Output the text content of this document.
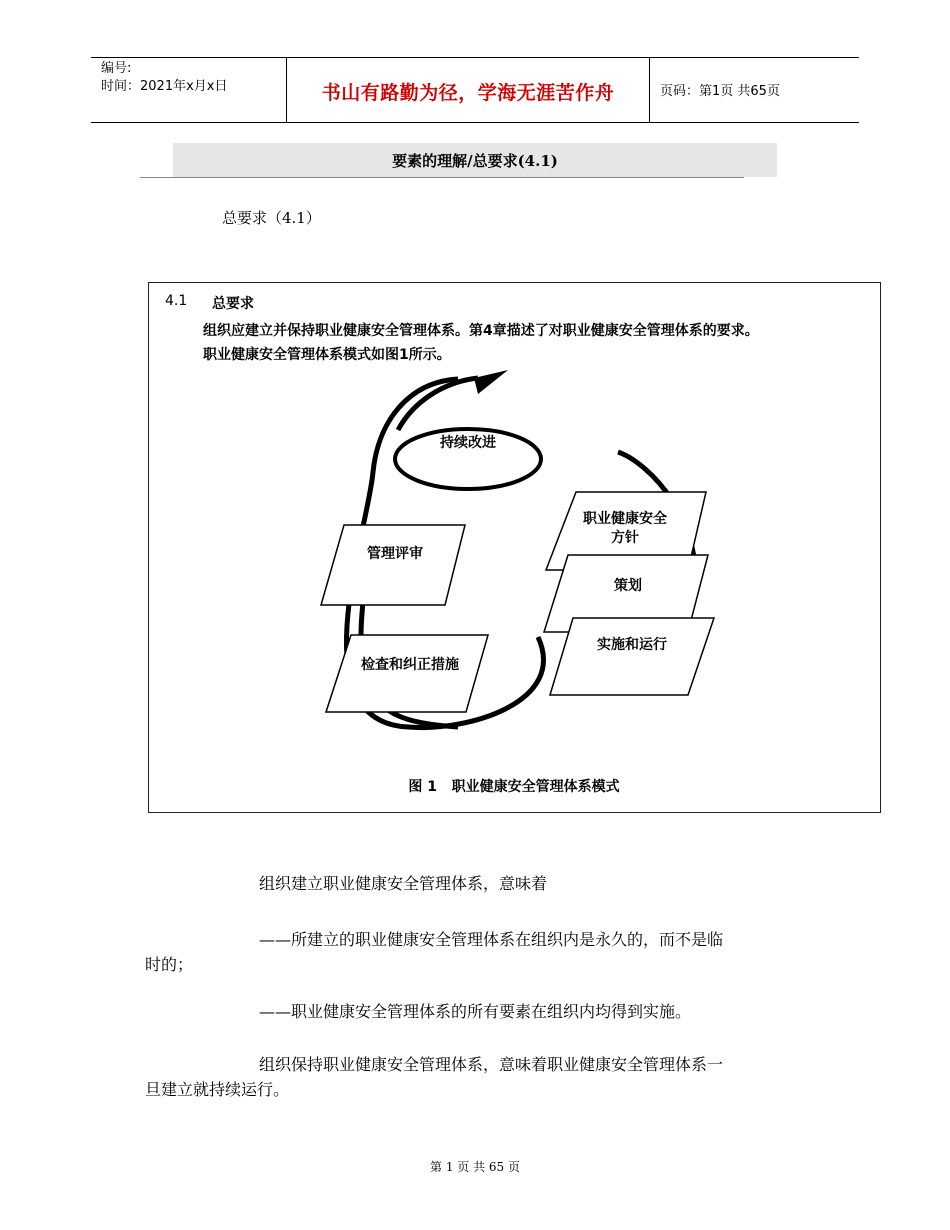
编号:
时间：2021年x月x日	书山有路勤为径，学海无涯苦作舟	页码：第1页 共65页
要素的理解/总要求(4.1)
总要求（4.1）
4.1 总要求
组织应建立并保持职业健康安全管理体系。第4章描述了对职业健康安全管理体系的要求。
职业健康安全管理体系模式如图1所示。
持续改进
职业健康安全
方针
策划
实施和运行
管理评审
检查和纠正措施
图 1   职业健康安全管理体系模式
组织建立职业健康安全管理体系，意味着
——所建立的职业健康安全管理体系在组织内是永久的，而不是临
时的；
——职业健康安全管理体系的所有要素在组织内均得到实施。
组织保持职业健康安全管理体系，意味着职业健康安全管理体系一
旦建立就持续运行。
第 1 页 共 65 页
